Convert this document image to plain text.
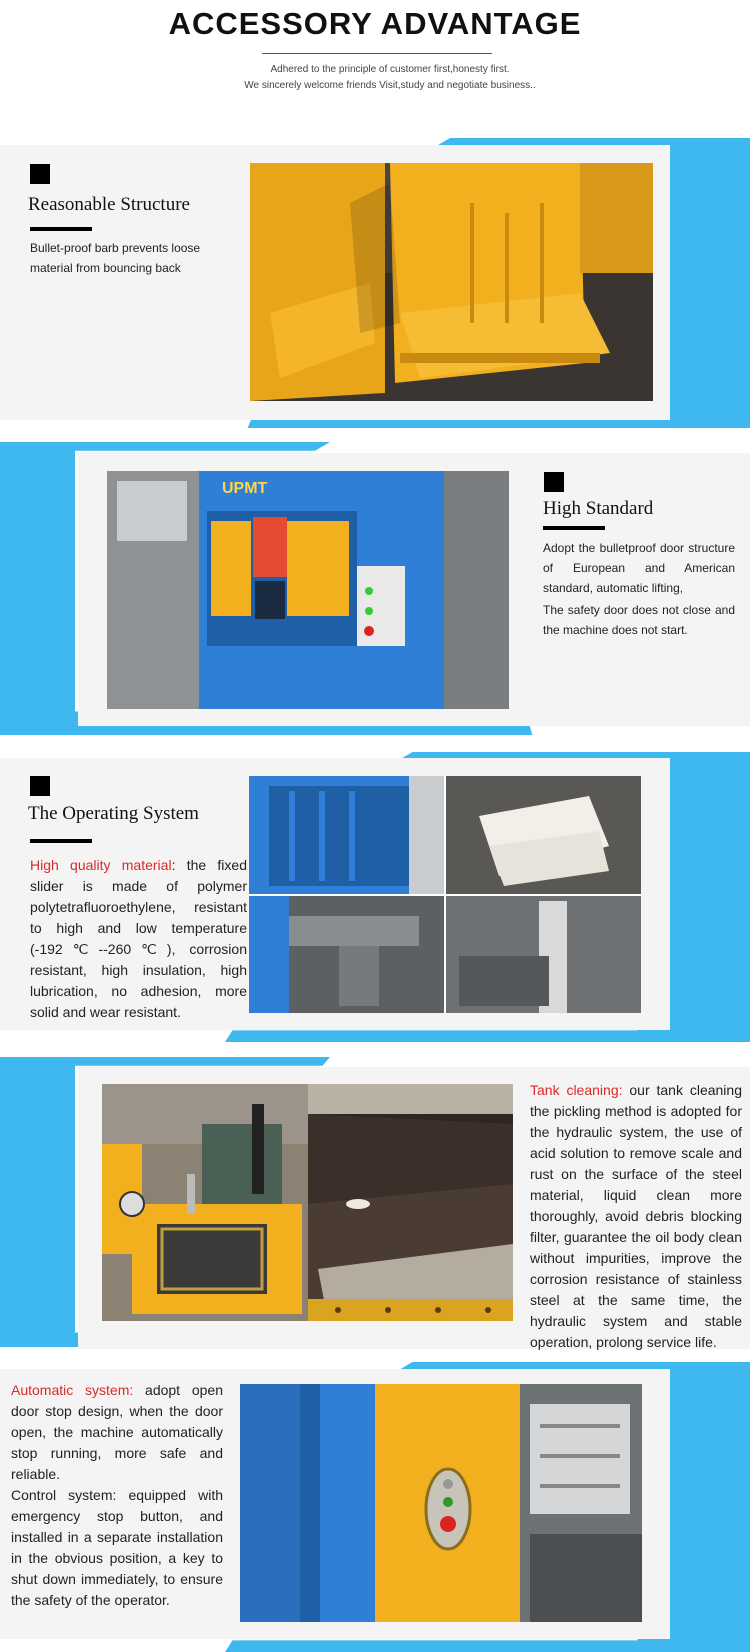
ACCESSORY ADVANTAGE
Adhered to the principle of customer first,honesty first.
We sincerely welcome friends Visit,study and negotiate business..
Reasonable Structure
Bullet-proof barb prevents loose material from bouncing back
UPMT
High Standard
Adopt the bulletproof door structure of European and American standard, automatic lifting,
The safety door does not close and the machine does not start.
The Operating System
High quality material: the fixed slider is made of polymer polytetrafluoroethylene, resistant to high and low temperature (-192℃--260℃), corrosion resistant, high insulation, high lubrication, no adhesion, more solid and wear resistant.
Tank cleaning: our tank cleaning the pickling method is adopted for the hydraulic system, the use of acid solution to remove scale and rust on the surface of the steel material, liquid clean more thoroughly, avoid debris blocking filter, guarantee the oil body clean without impurities, improve the corrosion resistance of stainless steel at the same time, the hydraulic system and stable operation, prolong service life.
Automatic system: adopt open door stop design, when the door open, the machine automatically stop running, more safe and reliable.
Control system: equipped with emergency stop button, and installed in a separate installation in the obvious position, a key to shut down immediately, to ensure the safety of the operator.
